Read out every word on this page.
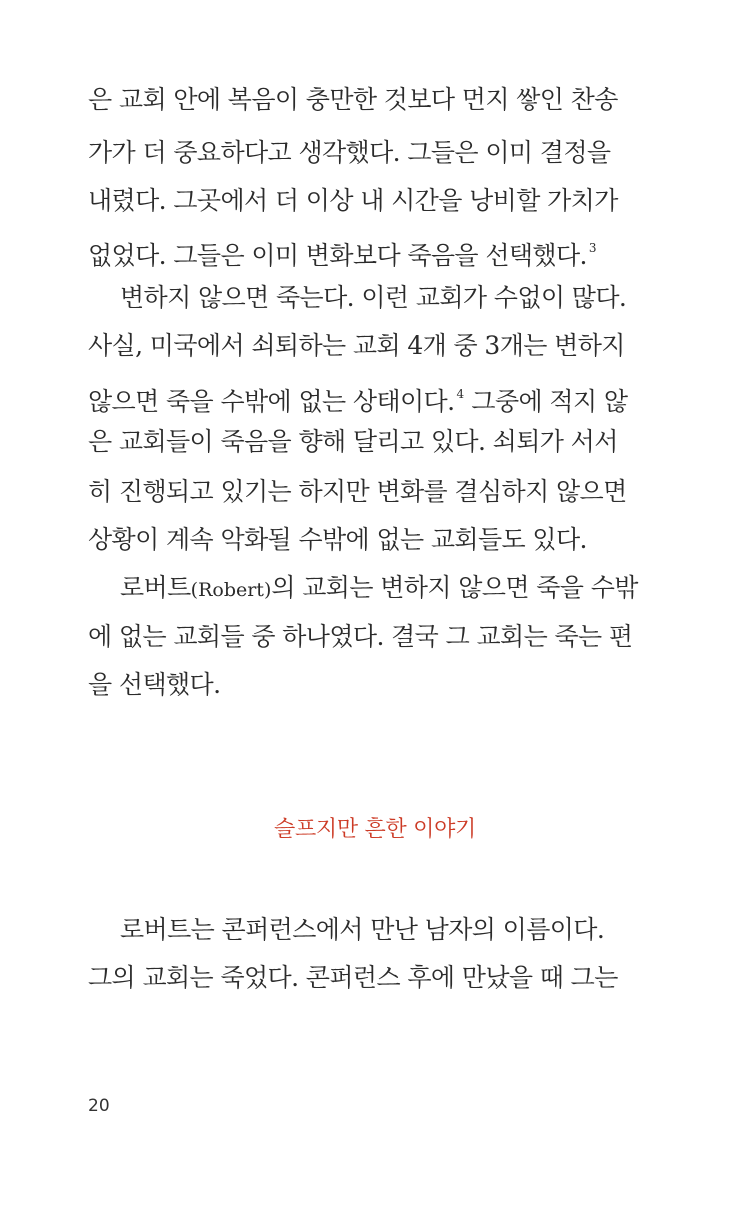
은 교회 안에 복음이 충만한 것보다 먼지 쌓인 찬송
가가 더 중요하다고 생각했다. 그들은 이미 결정을
내렸다. 그곳에서 더 이상 내 시간을 낭비할 가치가
없었다. 그들은 이미 변화보다 죽음을 선택했다. $^3$
변하지 않으면 죽는다. 이런 교회가 수없이 많다.
사실, 미국에서 쇠퇴하는 교회 4개 중 3개는 변하지
않으면 죽을 수밖에 없는 상태이다. $^4$ 그중에 적지 않
은 교회들이 죽음을 향해 달리고 있다. 쇠퇴가 서서
히 진행되고 있기는 하지만 변화를 결심하지 않으면
상황이 계속 악화될 수밖에 없는 교회들도 있다.
로버트(Robert)의 교회는 변하지 않으면 죽을 수밖
에 없는 교회들 중 하나였다. 결국 그 교회는 죽는 편
을 선택했다.
슬프지만 흔한 이야기
로버트는 콘퍼런스에서 만난 남자의 이름이다.
그의 교회는 죽었다. 콘퍼런스 후에 만났을 때 그는
20
